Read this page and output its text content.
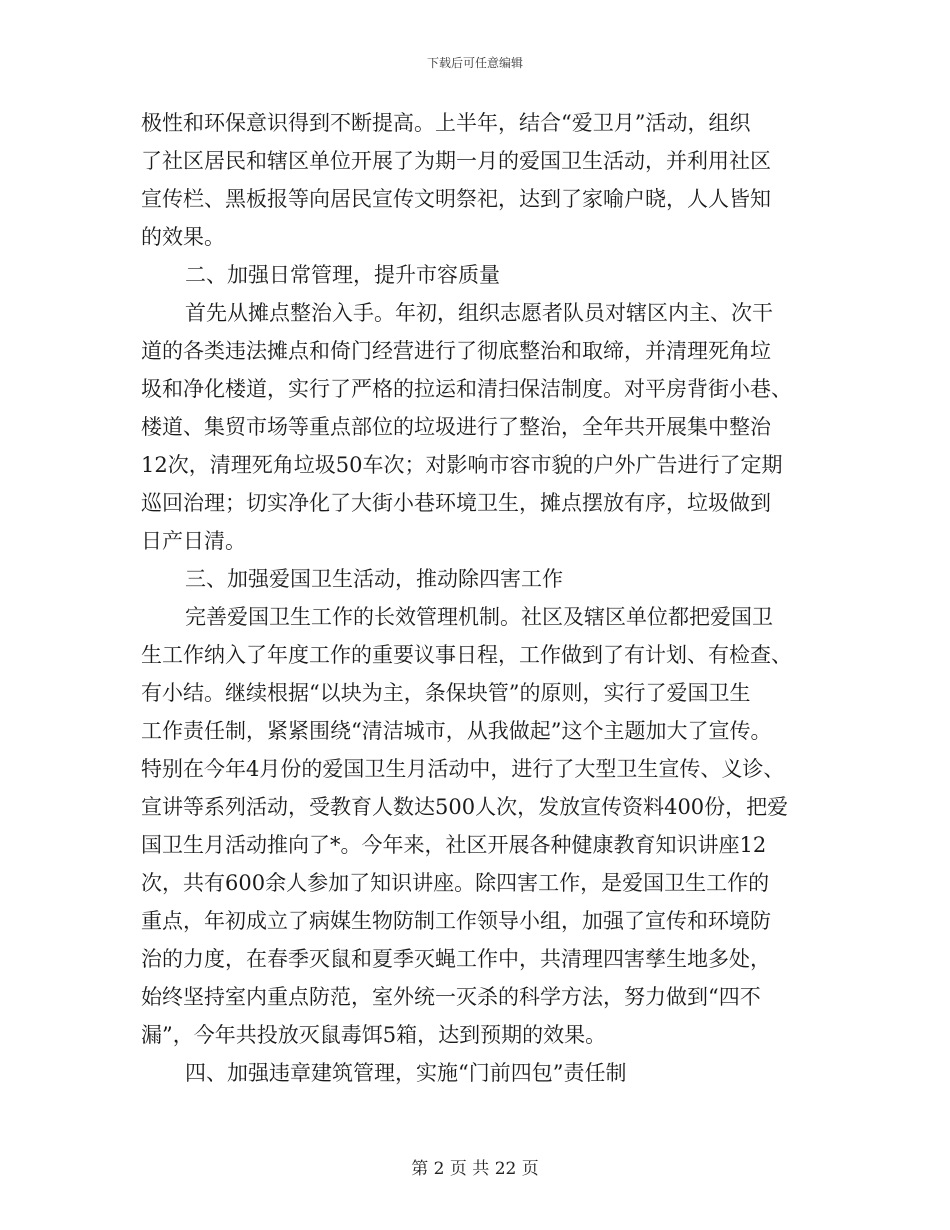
下载后可任意编辑
极性和环保意识得到不断提高。上半年，结合“爱卫月”活动，组织
了社区居民和辖区单位开展了为期一月的爱国卫生活动，并利用社区
宣传栏、黑板报等向居民宣传文明祭祀，达到了家喻户晓，人人皆知
的效果。
二、加强日常管理，提升市容质量
首先从摊点整治入手。年初，组织志愿者队员对辖区内主、次干
道的各类违法摊点和倚门经营进行了彻底整治和取缔，并清理死角垃
圾和净化楼道，实行了严格的拉运和清扫保洁制度。对平房背街小巷、
楼道、集贸市场等重点部位的垃圾进行了整治，全年共开展集中整治
12次，清理死角垃圾50车次；对影响市容市貌的户外广告进行了定期
巡回治理；切实净化了大街小巷环境卫生，摊点摆放有序，垃圾做到
日产日清。
三、加强爱国卫生活动，推动除四害工作
完善爱国卫生工作的长效管理机制。社区及辖区单位都把爱国卫
生工作纳入了年度工作的重要议事日程，工作做到了有计划、有检查、
有小结。继续根据“以块为主，条保块管”的原则，实行了爱国卫生
工作责任制，紧紧围绕“清洁城市，从我做起”这个主题加大了宣传。
特别在今年4月份的爱国卫生月活动中，进行了大型卫生宣传、义诊、
宣讲等系列活动，受教育人数达500人次，发放宣传资料400份，把爱
国卫生月活动推向了*。今年来，社区开展各种健康教育知识讲座12
次，共有600余人参加了知识讲座。除四害工作，是爱国卫生工作的
重点，年初成立了病媒生物防制工作领导小组，加强了宣传和环境防
治的力度，在春季灭鼠和夏季灭蝇工作中，共清理四害孳生地多处，
始终坚持室内重点防范，室外统一灭杀的科学方法，努力做到“四不
漏”，今年共投放灭鼠毒饵5箱，达到预期的效果。
四、加强违章建筑管理，实施“门前四包”责任制
第 2 页 共 22 页
